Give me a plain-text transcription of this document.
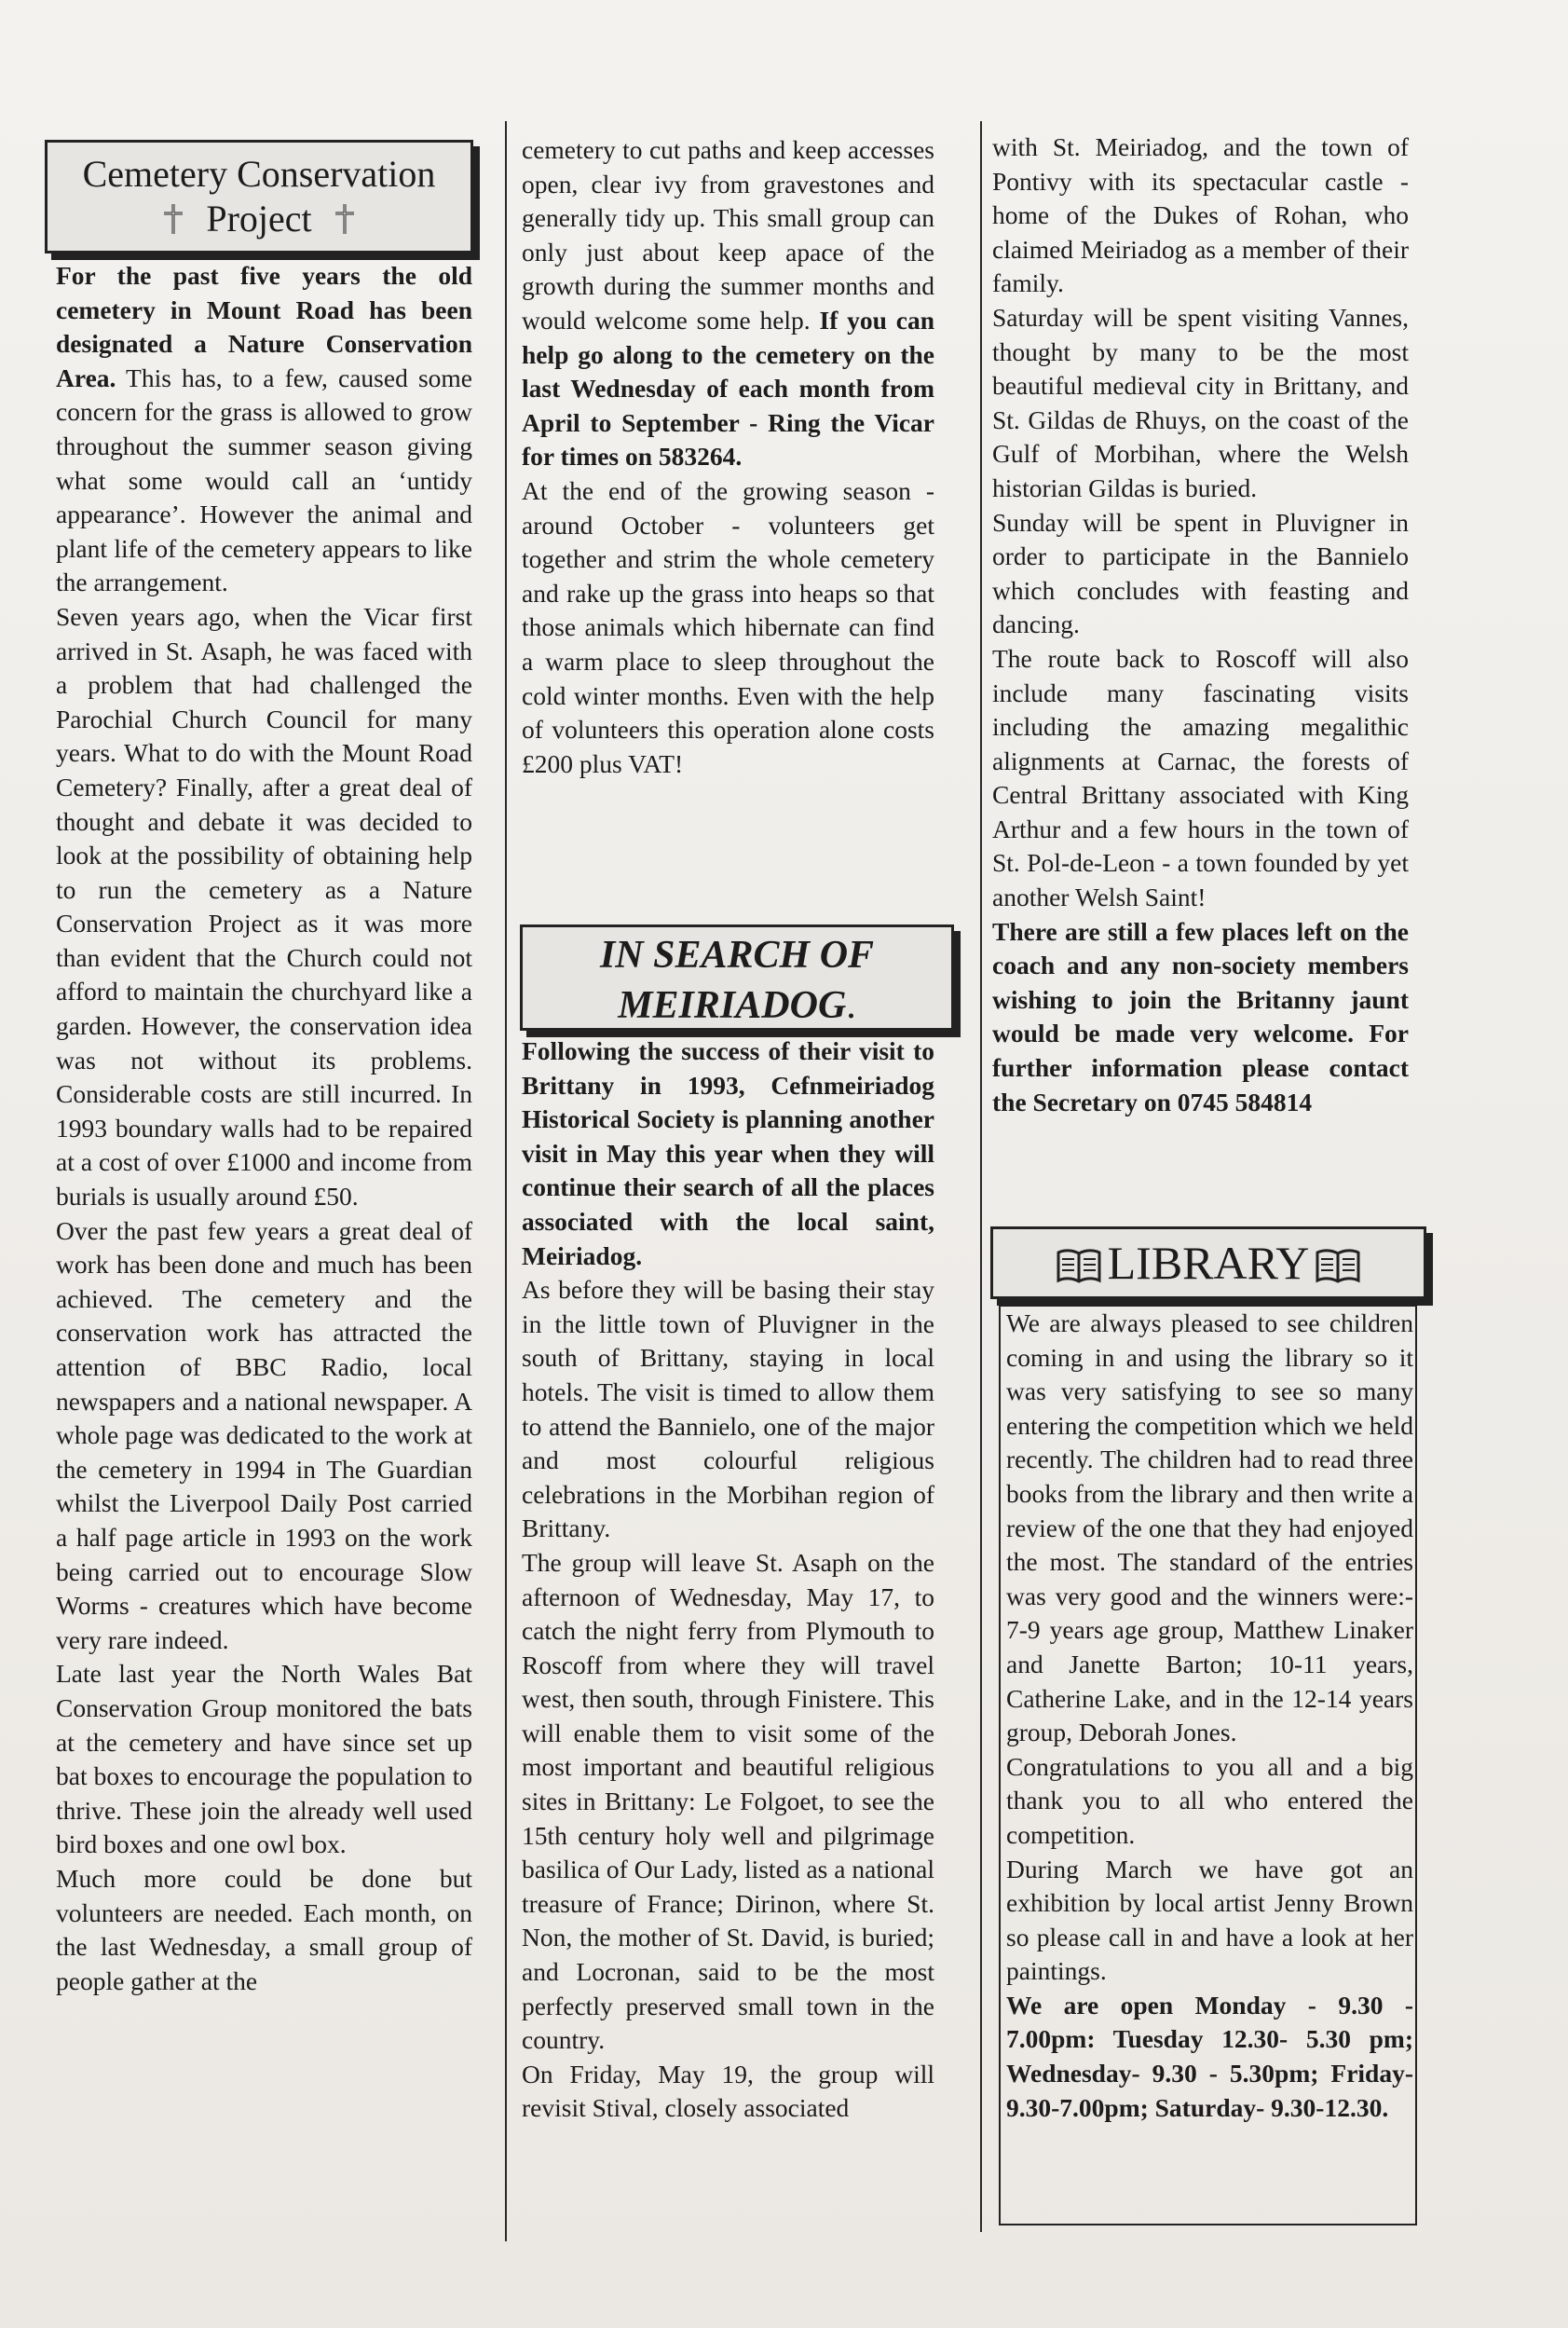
Cemetery Conservation
Project

For the past five years the old cemetery in Mount Road has been designated a Nature Conservation Area. This has, to a few, caused some concern for the grass is allowed to grow throughout the summer season giving what some would call an ‘untidy appearance’. However the animal and plant life of the cemetery appears to like the arrangement.

Seven years ago, when the Vicar first arrived in St. Asaph, he was faced with a problem that had challenged the Parochial Church Council for many years. What to do with the Mount Road Cemetery? Finally, after a great deal of thought and debate it was decided to look at the possibility of obtaining help to run the cemetery as a Nature Conservation Project as it was more than evident that the Church could not afford to maintain the churchyard like a garden. However, the conservation idea was not without its problems. Considerable costs are still incurred. In 1993 boundary walls had to be repaired at a cost of over £1000 and income from burials is usually around £50.

Over the past few years a great deal of work has been done and much has been achieved. The cemetery and the conservation work has attracted the attention of BBC Radio, local newspapers and a national newspaper. A whole page was dedicated to the work at the cemetery in 1994 in The Guardian whilst the Liverpool Daily Post carried a half page article in 1993 on the work being carried out to encourage Slow Worms - creatures which have become very rare indeed.

Late last year the North Wales Bat Conservation Group monitored the bats at the cemetery and have since set up bat boxes to encourage the population to thrive. These join the already well used bird boxes and one owl box.

Much more could be done but volunteers are needed. Each month, on the last Wednesday, a small group of people gather at the

cemetery to cut paths and keep accesses open, clear ivy from gravestones and generally tidy up. This small group can only just about keep apace of the growth during the summer months and would welcome some help. If you can help go along to the cemetery on the last Wednesday of each month from April to September - Ring the Vicar for times on 583264.

At the end of the growing season - around October - volunteers get together and strim the whole cemetery and rake up the grass into heaps so that those animals which hibernate can find a warm place to sleep throughout the cold winter months. Even with the help of volunteers this operation alone costs £200 plus VAT!

IN SEARCH OF
MEIRIADOG.

Following the success of their visit to Brittany in 1993, Cefnmeiriadog Historical Society is planning another visit in May this year when they will continue their search of all the places associated with the local saint, Meiriadog.

As before they will be basing their stay in the little town of Pluvigner in the south of Brittany, staying in local hotels. The visit is timed to allow them to attend the Bannielo, one of the major and most colourful religious celebrations in the Morbihan region of Brittany.

The group will leave St. Asaph on the afternoon of Wednesday, May 17, to catch the night ferry from Plymouth to Roscoff from where they will travel west, then south, through Finistere. This will enable them to visit some of the most important and beautiful religious sites in Brittany: Le Folgoet, to see the 15th century holy well and pilgrimage basilica of Our Lady, listed as a national treasure of France; Dirinon, where St. Non, the mother of St. David, is buried; and Locronan, said to be the most perfectly preserved small town in the country.

On Friday, May 19, the group will revisit Stival, closely associated

with St. Meiriadog, and the town of Pontivy with its spectacular castle - home of the Dukes of Rohan, who claimed Meiriadog as a member of their family.

Saturday will be spent visiting Vannes, thought by many to be the most beautiful medieval city in Brittany, and St. Gildas de Rhuys, on the coast of the Gulf of Morbihan, where the Welsh historian Gildas is buried.

Sunday will be spent in Pluvigner in order to participate in the Bannielo which concludes with feasting and dancing.

The route back to Roscoff will also include many fascinating visits including the amazing megalithic alignments at Carnac, the forests of Central Brittany associated with King Arthur and a few hours in the town of St. Pol-de-Leon - a town founded by yet another Welsh Saint!

There are still a few places left on the coach and any non-society members wishing to join the Britanny jaunt would be made very welcome. For further information please contact the Secretary on 0745 584814

LIBRARY

We are always pleased to see children coming in and using the library so it was very satisfying to see so many entering the competition which we held recently. The children had to read three books from the library and then write a review of the one that they had enjoyed the most. The standard of the entries was very good and the winners were:- 7-9 years age group, Matthew Linaker and Janette Barton; 10-11 years, Catherine Lake, and in the 12-14 years group, Deborah Jones.

Congratulations to you all and a big thank you to all who entered the competition.

During March we have got an exhibition by local artist Jenny Brown so please call in and have a look at her paintings.

We are open Monday - 9.30 - 7.00pm: Tuesday 12.30- 5.30 pm; Wednesday- 9.30 - 5.30pm; Friday- 9.30-7.00pm; Saturday- 9.30-12.30.
